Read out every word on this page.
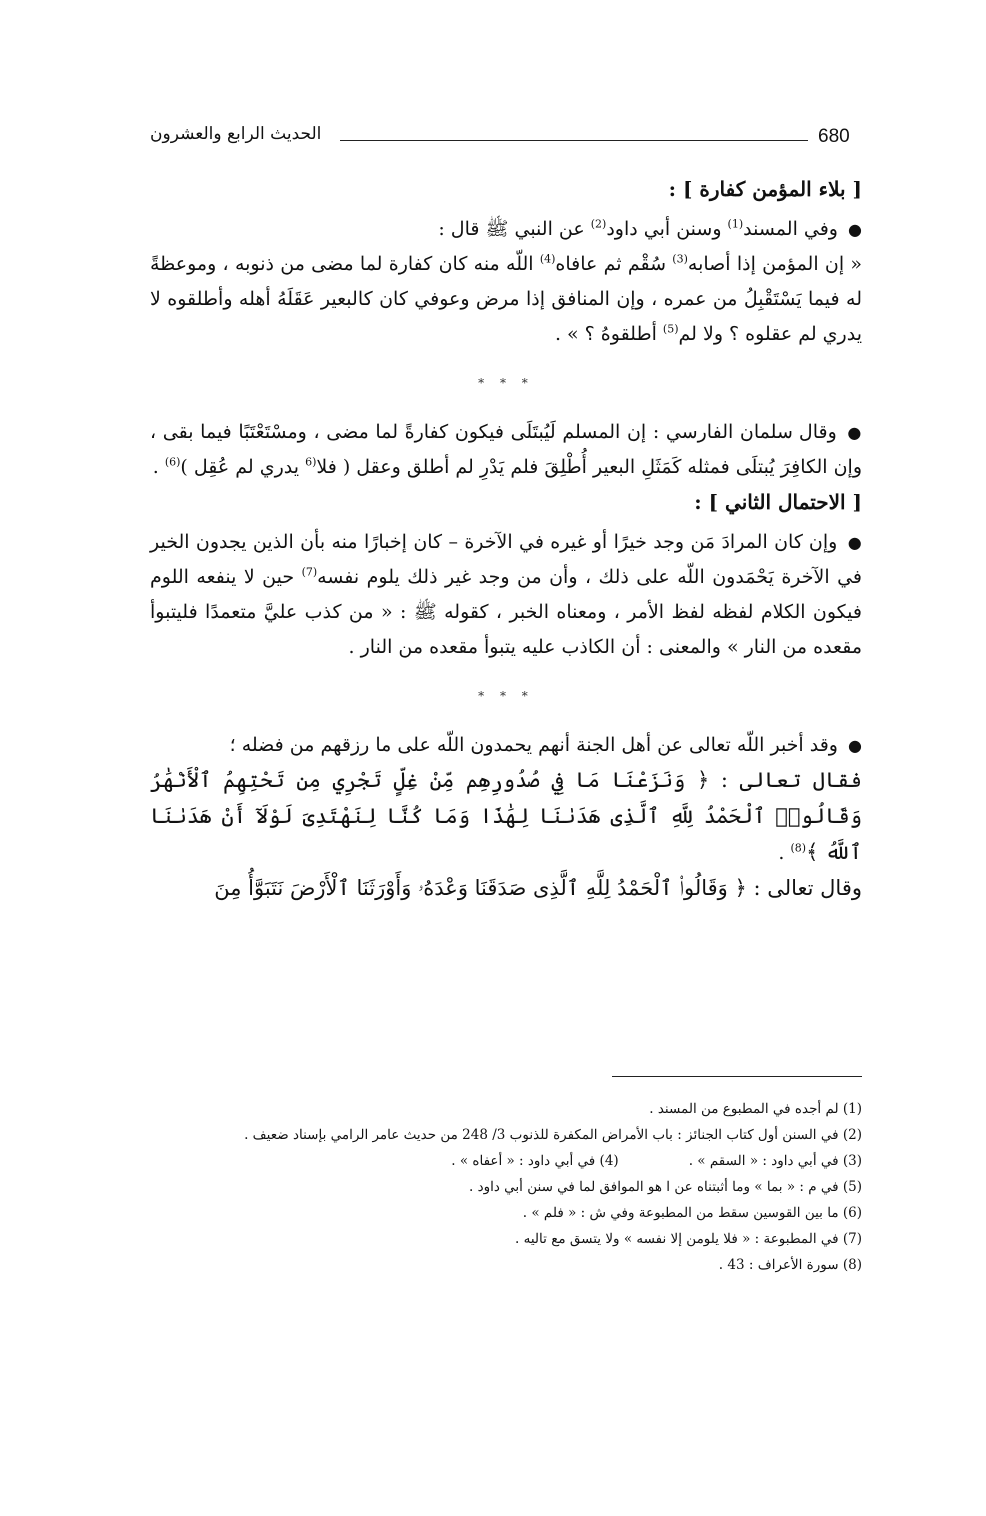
680
الحديث الرابع والعشرون
[ بلاء المؤمن كفارة ] :

● وفي المسند$^{(1)}$ وسنن أبي داود$^{(2)}$ عن النبي ﷺ قال :

« إن المؤمن إذا أصابه$^{(3)}$ سُقْم ثم عافاه$^{(4)}$ اللّه منه كان كفارة لما مضى من ذنوبه ، وموعظةً له فيما يَسْتَقْبِلُ من عمره ، وإن المنافق إذا مرض وعوفي كان كالبعير عَقَلَهُ أهله وأطلقوه لا يدري لم عقلوه ؟ ولا لم$^{(5)}$ أطلقوهُ ؟ » .

* * *

● وقال سلمان الفارسي : إن المسلم لَيُبتَلَى فيكون كفارةً لما مضى ، ومسْتَعْتَبًا فيما بقى ، وإن الكافِرَ يُبتلَى فمثله كَمَثَلِ البعير أُطْلِقَ فلم يَدْرِ لم أطلق وعقل ( فلا$^{(6}$ يدري لم عُقِل )$^{(6)}$ .

[ الاحتمال الثاني ] :

● وإن كان المرادَ مَن وجد خيرًا أو غيره في الآخرة – كان إخبارًا منه بأن الذين يجدون الخير في الآخرة يَحْمَدون اللّه على ذلك ، وأن من وجد غير ذلك يلوم نفسه$^{(7)}$ حين لا ينفعه اللوم فيكون الكلام لفظه لفظ الأمر ، ومعناه الخبر ، كقوله ﷺ : « من كذب عليَّ متعمدًا فليتبوأ مقعده من النار » والمعنى : أن الكاذب عليه يتبوأ مقعده من النار .

* * *

● وقد أخبر اللّه تعالى عن أهل الجنة أنهم يحمدون اللّه على ما رزقهم من فضله ؛

فقال تعالى : ﴿ وَنَزَعْنَا مَا فِي صُدُورِهِم مِّنْ غِلٍّ تَجْرِي مِن تَحْتِهِمُ ٱلْأَنْهَٰرُ وَقَالُوا۟ ٱلْحَمْدُ لِلَّهِ ٱلَّذِى هَدَىٰنَا لِهَٰذَا وَمَا كُنَّا لِنَهْتَدِىَ لَوْلَآ أَنْ هَدَىٰنَا ٱللَّهُ ﴾$^{(8)}$ .

وقال تعالى : ﴿ وَقَالُوا۟ ٱلْحَمْدُ لِلَّهِ ٱلَّذِى صَدَقَنَا وَعْدَهُۥ وَأَوْرَثَنَا ٱلْأَرْضَ نَتَبَوَّأُ مِنَ

(1) لم أجده في المطبوع من المسند .
(2) في السنن أول كتاب الجنائز : باب الأمراض المكفرة للذنوب 3/ 248 من حديث عامر الرامي بإسناد ضعيف .
(3) في أبي داود : « السقم » .
(4) في أبي داود : « أعفاه » .
(5) في م : « بما » وما أثبتناه عن ا هو الموافق لما في سنن أبي داود .
(6) ما بين القوسين سقط من المطبوعة وفي ش : « فلم » .
(7) في المطبوعة : « فلا يلومن إلا نفسه » ولا يتسق مع تاليه .
(8) سورة الأعراف : 43 .
